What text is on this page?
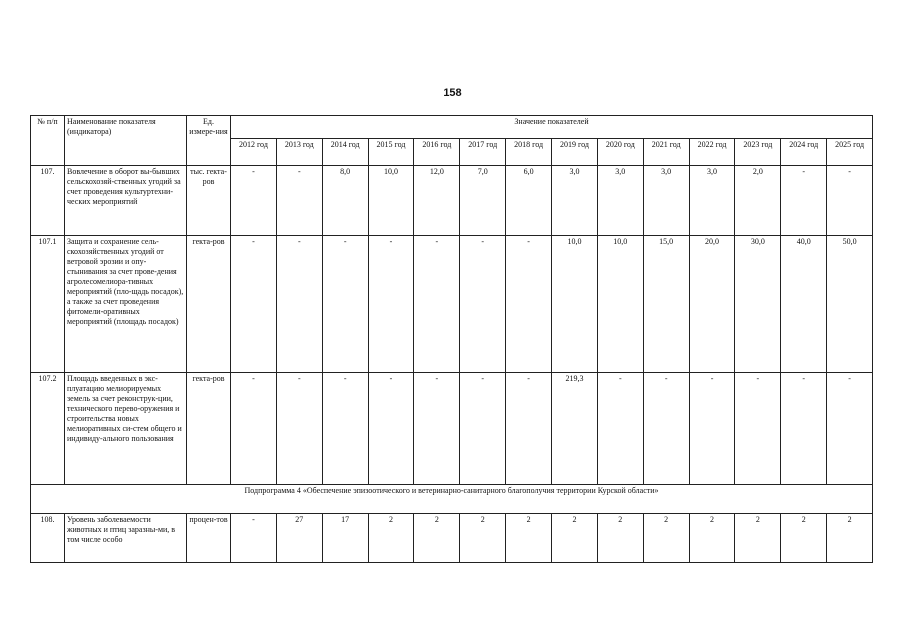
158
№ п/п	Наименование показателя (индикатора)	Ед. измере-ния	Значение показателей													
			2012 год	2013 год	2014 год	2015 год	2016 год	2017 год	2018 год	2019 год	2020 год	2021 год	2022 год	2023 год	2024 год	2025 год
107.	Вовлечение в оборот вы-бывших сельскохозяй-ственных угодий за счет проведения культуртехни-ческих мероприятий	тыс. гекта-ров	-	-	8,0	10,0	12,0	7,0	6,0	3,0	3,0	3,0	3,0	2,0	-	-
107.1	Защита и сохранение сель-скохозяйственных угодий от ветровой эрозии и опу-стынивания за счет прове-дения агролесомелиора-тивных мероприятий (пло-щадь посадок), а также за счет проведения фитомели-оративных мероприятий (площадь посадок)	гекта-ров	-	-	-	-	-	-	-	10,0	10,0	15,0	20,0	30,0	40,0	50,0
107.2	Площадь введенных в экс-плуатацию мелиорируемых земель за счет реконструк-ции, технического перево-оружения и строительства новых мелиоративных си-стем общего и индивиду-ального пользования	гекта-ров	-	-	-	-	-	-	-	219,3	-	-	-	-	-	-
Подпрограмма 4 «Обеспечение эпизоотического и ветеринарно-санитарного благополучия территории Курской области»																
108.	Уровень заболеваемости животных и птиц заразны-ми, в том числе особо	процен-тов	-	27	17	2	2	2	2	2	2	2	2	2	2	2
